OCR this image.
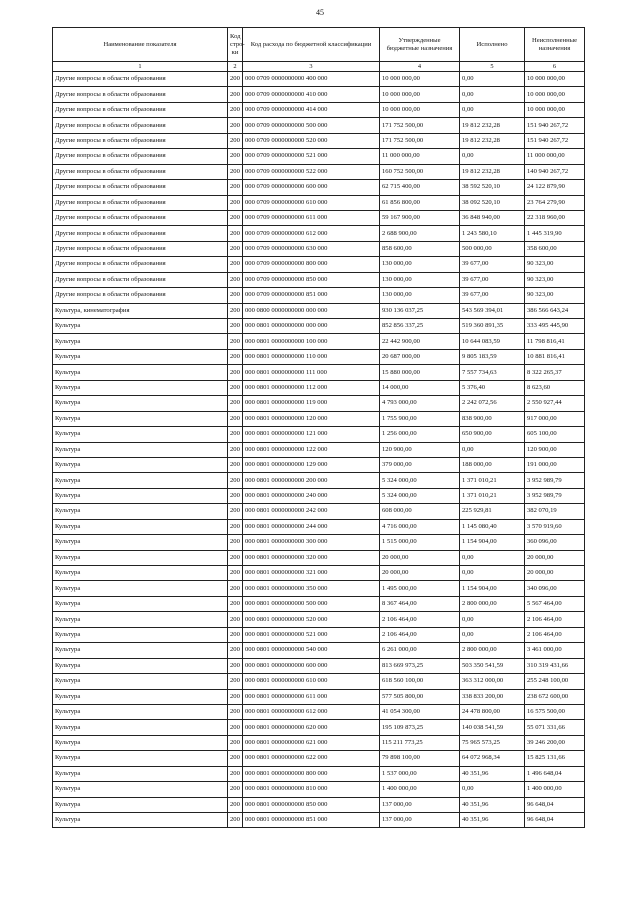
45
Наименование показателя	Код стро-ки	Код расхода по бюджетной классификации	Утвержденные бюджетные назначения	Исполнено	Неисполненные назначения
1	2	3	4	5	6
Другие вопросы в области образования	200	000 0709 0000000000 400 000	10 000 000,00	0,00	10 000 000,00
Другие вопросы в области образования	200	000 0709 0000000000 410 000	10 000 000,00	0,00	10 000 000,00
Другие вопросы в области образования	200	000 0709 0000000000 414 000	10 000 000,00	0,00	10 000 000,00
Другие вопросы в области образования	200	000 0709 0000000000 500 000	171 752 500,00	19 812 232,28	151 940 267,72
Другие вопросы в области образования	200	000 0709 0000000000 520 000	171 752 500,00	19 812 232,28	151 940 267,72
Другие вопросы в области образования	200	000 0709 0000000000 521 000	11 000 000,00	0,00	11 000 000,00
Другие вопросы в области образования	200	000 0709 0000000000 522 000	160 752 500,00	19 812 232,28	140 940 267,72
Другие вопросы в области образования	200	000 0709 0000000000 600 000	62 715 400,00	38 592 520,10	24 122 879,90
Другие вопросы в области образования	200	000 0709 0000000000 610 000	61 856 800,00	38 092 520,10	23 764 279,90
Другие вопросы в области образования	200	000 0709 0000000000 611 000	59 167 900,00	36 848 940,00	22 318 960,00
Другие вопросы в области образования	200	000 0709 0000000000 612 000	2 688 900,00	1 243 580,10	1 445 319,90
Другие вопросы в области образования	200	000 0709 0000000000 630 000	858 600,00	500 000,00	358 600,00
Другие вопросы в области образования	200	000 0709 0000000000 800 000	130 000,00	39 677,00	90 323,00
Другие вопросы в области образования	200	000 0709 0000000000 850 000	130 000,00	39 677,00	90 323,00
Другие вопросы в области образования	200	000 0709 0000000000 851 000	130 000,00	39 677,00	90 323,00
Культура, кинематография	200	000 0800 0000000000 000 000	930 136 037,25	543 569 394,01	386 566 643,24
Культура	200	000 0801 0000000000 000 000	852 856 337,25	519 360 891,35	333 495 445,90
Культура	200	000 0801 0000000000 100 000	22 442 900,00	10 644 083,59	11 798 816,41
Культура	200	000 0801 0000000000 110 000	20 687 000,00	9 805 183,59	10 881 816,41
Культура	200	000 0801 0000000000 111 000	15 880 000,00	7 557 734,63	8 322 265,37
Культура	200	000 0801 0000000000 112 000	14 000,00	5 376,40	8 623,60
Культура	200	000 0801 0000000000 119 000	4 793 000,00	2 242 072,56	2 550 927,44
Культура	200	000 0801 0000000000 120 000	1 755 900,00	838 900,00	917 000,00
Культура	200	000 0801 0000000000 121 000	1 256 000,00	650 900,00	605 100,00
Культура	200	000 0801 0000000000 122 000	120 900,00	0,00	120 900,00
Культура	200	000 0801 0000000000 129 000	379 000,00	188 000,00	191 000,00
Культура	200	000 0801 0000000000 200 000	5 324 000,00	1 371 010,21	3 952 989,79
Культура	200	000 0801 0000000000 240 000	5 324 000,00	1 371 010,21	3 952 989,79
Культура	200	000 0801 0000000000 242 000	608 000,00	225 929,81	382 070,19
Культура	200	000 0801 0000000000 244 000	4 716 000,00	1 145 080,40	3 570 919,60
Культура	200	000 0801 0000000000 300 000	1 515 000,00	1 154 904,00	360 096,00
Культура	200	000 0801 0000000000 320 000	20 000,00	0,00	20 000,00
Культура	200	000 0801 0000000000 321 000	20 000,00	0,00	20 000,00
Культура	200	000 0801 0000000000 350 000	1 495 000,00	1 154 904,00	340 096,00
Культура	200	000 0801 0000000000 500 000	8 367 464,00	2 800 000,00	5 567 464,00
Культура	200	000 0801 0000000000 520 000	2 106 464,00	0,00	2 106 464,00
Культура	200	000 0801 0000000000 521 000	2 106 464,00	0,00	2 106 464,00
Культура	200	000 0801 0000000000 540 000	6 261 000,00	2 800 000,00	3 461 000,00
Культура	200	000 0801 0000000000 600 000	813 669 973,25	503 350 541,59	310 319 431,66
Культура	200	000 0801 0000000000 610 000	618 560 100,00	363 312 000,00	255 248 100,00
Культура	200	000 0801 0000000000 611 000	577 505 800,00	338 833 200,00	238 672 600,00
Культура	200	000 0801 0000000000 612 000	41 054 300,00	24 478 800,00	16 575 500,00
Культура	200	000 0801 0000000000 620 000	195 109 873,25	140 038 541,59	55 071 331,66
Культура	200	000 0801 0000000000 621 000	115 211 773,25	75 965 573,25	39 246 200,00
Культура	200	000 0801 0000000000 622 000	79 898 100,00	64 072 968,34	15 825 131,66
Культура	200	000 0801 0000000000 800 000	1 537 000,00	40 351,96	1 496 648,04
Культура	200	000 0801 0000000000 810 000	1 400 000,00	0,00	1 400 000,00
Культура	200	000 0801 0000000000 850 000	137 000,00	40 351,96	96 648,04
Культура	200	000 0801 0000000000 851 000	137 000,00	40 351,96	96 648,04
